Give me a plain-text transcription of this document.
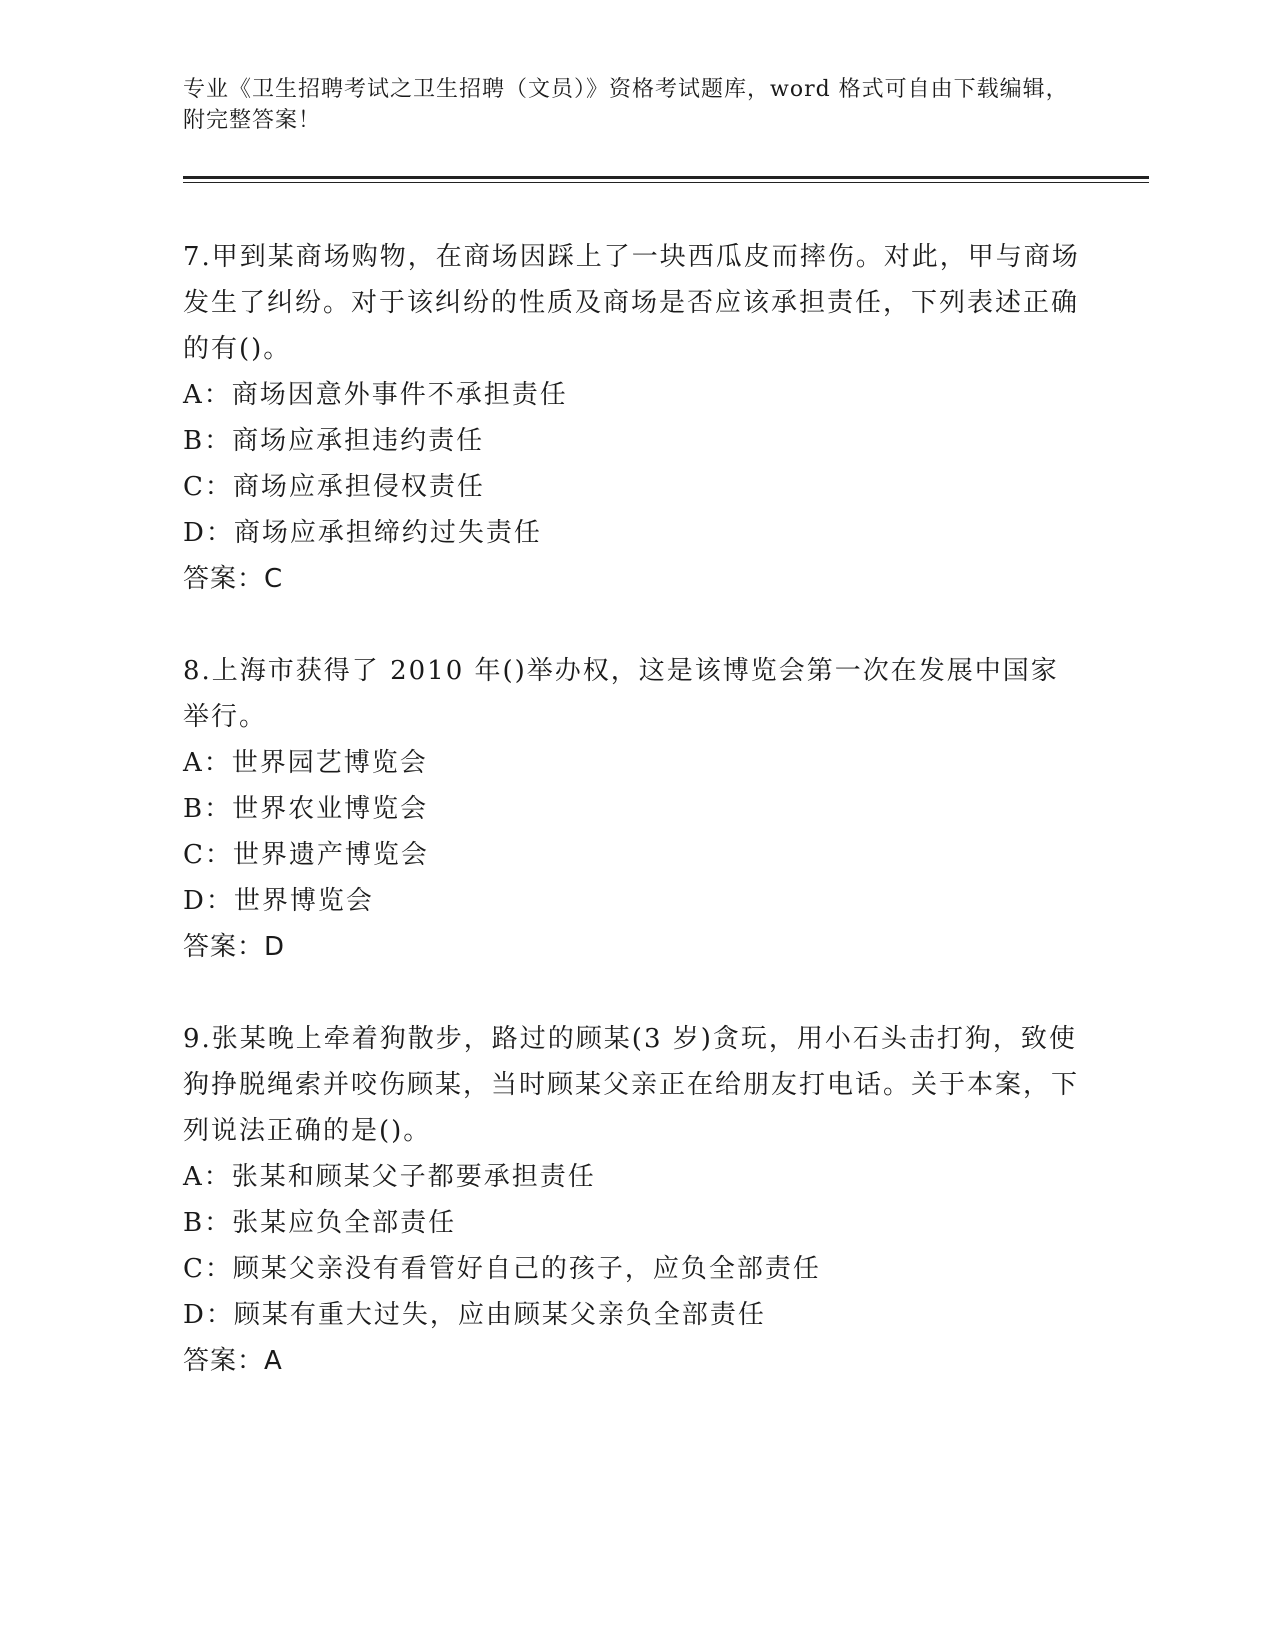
专业《卫生招聘考试之卫生招聘（文员）》资格考试题库，word 格式可自由下载编辑，附完整答案！

7.甲到某商场购物，在商场因踩上了一块西瓜皮而摔伤。对此，甲与商场发生了纠纷。对于该纠纷的性质及商场是否应该承担责任，下列表述正确的有()。

A：商场因意外事件不承担责任

B：商场应承担违约责任

C：商场应承担侵权责任

D：商场应承担缔约过失责任

答案：C

8.上海市获得了 2010 年()举办权，这是该博览会第一次在发展中国家举行。

A：世界园艺博览会

B：世界农业博览会

C：世界遗产博览会

D：世界博览会

答案：D

9.张某晚上牵着狗散步，路过的顾某(3 岁)贪玩，用小石头击打狗，致使狗挣脱绳索并咬伤顾某，当时顾某父亲正在给朋友打电话。关于本案，下列说法正确的是()。

A：张某和顾某父子都要承担责任

B：张某应负全部责任

C：顾某父亲没有看管好自己的孩子，应负全部责任

D：顾某有重大过失，应由顾某父亲负全部责任

答案：A
